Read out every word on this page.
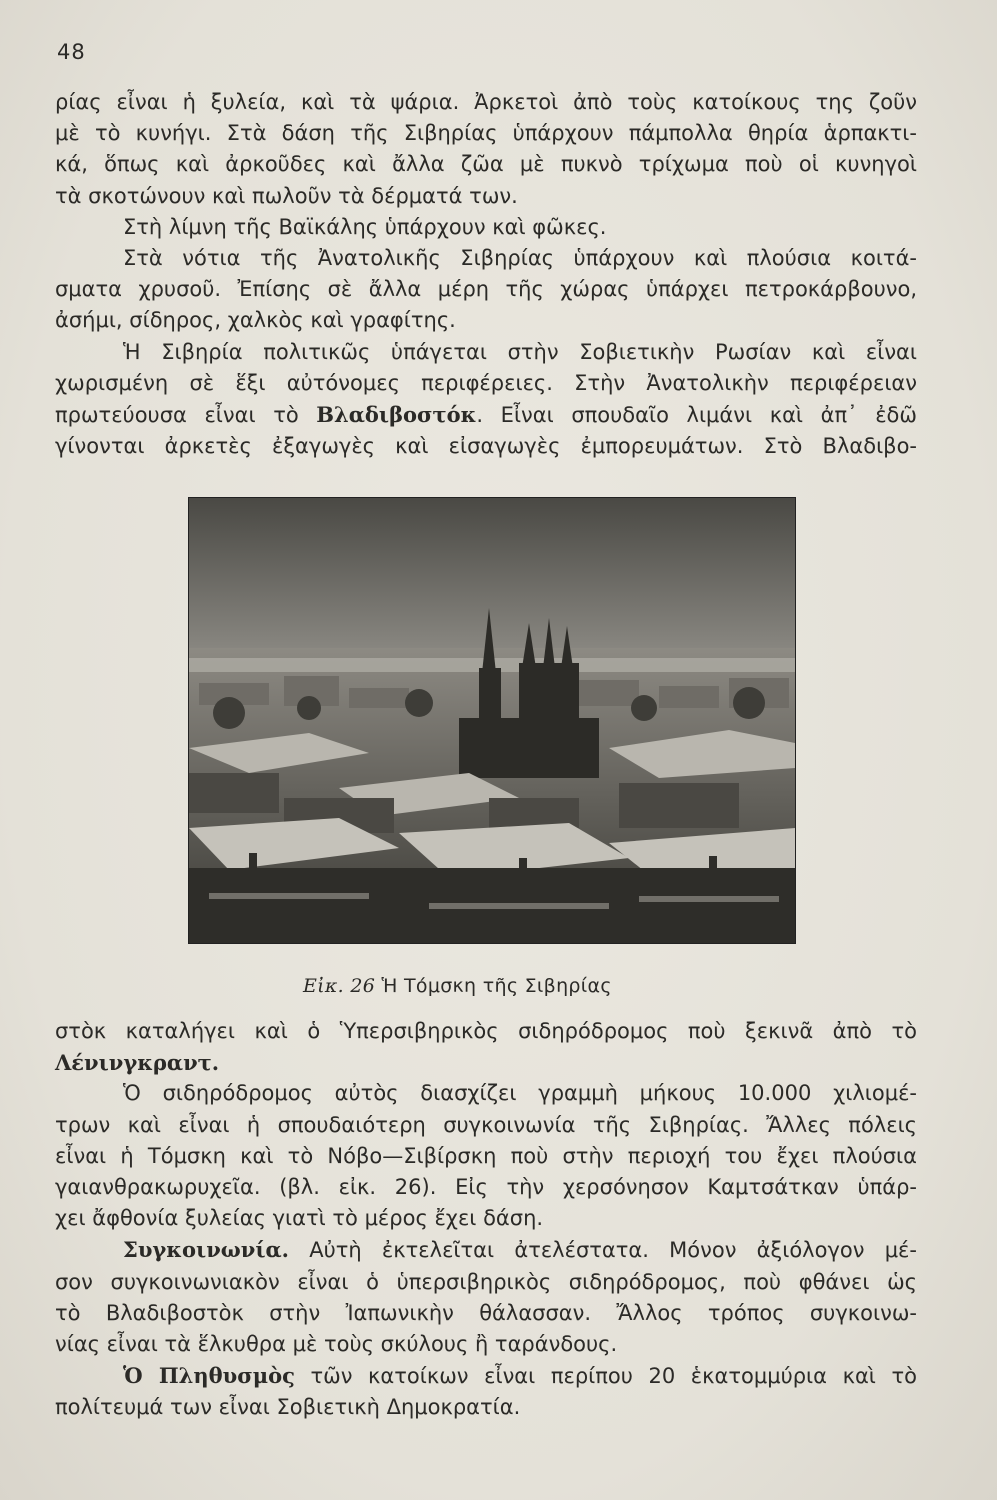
48
ρίας εἶναι ἡ ξυλεία, καὶ τὰ ψάρια. Ἀρκετοὶ ἀπὸ τοὺς κατοίκους της ζοῦν
μὲ τὸ κυνήγι. Στὰ δάση τῆς Σιβηρίας ὑπάρχουν πάμπολλα θηρία ἁρπακτι-
κά, ὅπως καὶ ἀρκοῦδες καὶ ἄλλα ζῶα μὲ πυκνὸ τρίχωμα ποὺ οἱ κυνηγοὶ
τὰ σκοτώνουν καὶ πωλοῦν τὰ δέρματά των.
Στὴ λίμνη τῆς Βαϊκάλης ὑπάρχουν καὶ φῶκες.
Στὰ νότια τῆς Ἀνατολικῆς Σιβηρίας ὑπάρχουν καὶ πλούσια κοιτά-
σματα χρυσοῦ. Ἐπίσης σὲ ἄλλα μέρη τῆς χώρας ὑπάρχει πετροκάρβουνο,
ἀσήμι, σίδηρος, χαλκὸς καὶ γραφίτης.
Ἡ Σιβηρία πολιτικῶς ὑπάγεται στὴν Σοβιετικὴν Ρωσίαν καὶ εἶναι
χωρισμένη σὲ ἕξι αὐτόνομες περιφέρειες. Στὴν Ἀνατολικὴν περιφέρειαν
πρωτεύουσα εἶναι τὸ Βλαδιβοστόκ. Εἶναι σπουδαῖο λιμάνι καὶ ἀπ᾽ ἐδῶ
γίνονται ἀρκετὲς ἐξαγωγὲς καὶ εἰσαγωγὲς ἐμπορευμάτων. Στὸ Βλαδιβο-
Εἰκ. 26 Ἡ Τόμσκη τῆς Σιβηρίας
στὸκ καταλήγει καὶ ὁ Ὑπερσιβηρικὸς σιδηρόδρομος ποὺ ξεκινᾶ ἀπὸ τὸ
Λένινγκραντ.
Ὁ σιδηρόδρομος αὐτὸς διασχίζει γραμμὴ μήκους 10.000 χιλιομέ-
τρων καὶ εἶναι ἡ σπουδαιότερη συγκοινωνία τῆς Σιβηρίας. Ἄλλες πόλεις
εἶναι ἡ Τόμσκη καὶ τὸ Νόβο—Σιβίρσκη ποὺ στὴν περιοχή του ἔχει πλούσια
γαιανθρακωρυχεῖα. (βλ. εἰκ. 26). Εἰς τὴν χερσόνησον Καμτσάτκαν ὑπάρ-
χει ἄφθονία ξυλείας γιατὶ τὸ μέρος ἔχει δάση.
Συγκοινωνία. Αὐτὴ ἐκτελεῖται ἀτελέστατα. Μόνον ἀξιόλογον μέ-
σον συγκοινωνιακὸν εἶναι ὁ ὑπερσιβηρικὸς σιδηρόδρομος, ποὺ φθάνει ὡς
τὸ Βλαδιβοστὸκ στὴν Ἰαπωνικὴν θάλασσαν. Ἄλλος τρόπος συγκοινω-
νίας εἶναι τὰ ἕλκυθρα μὲ τοὺς σκύλους ἢ ταράνδους.
Ὁ Πληθυσμὸς τῶν κατοίκων εἶναι περίπου 20 ἑκατομμύρια καὶ τὸ
πολίτευμά των εἶναι Σοβιετικὴ Δημοκρατία.
